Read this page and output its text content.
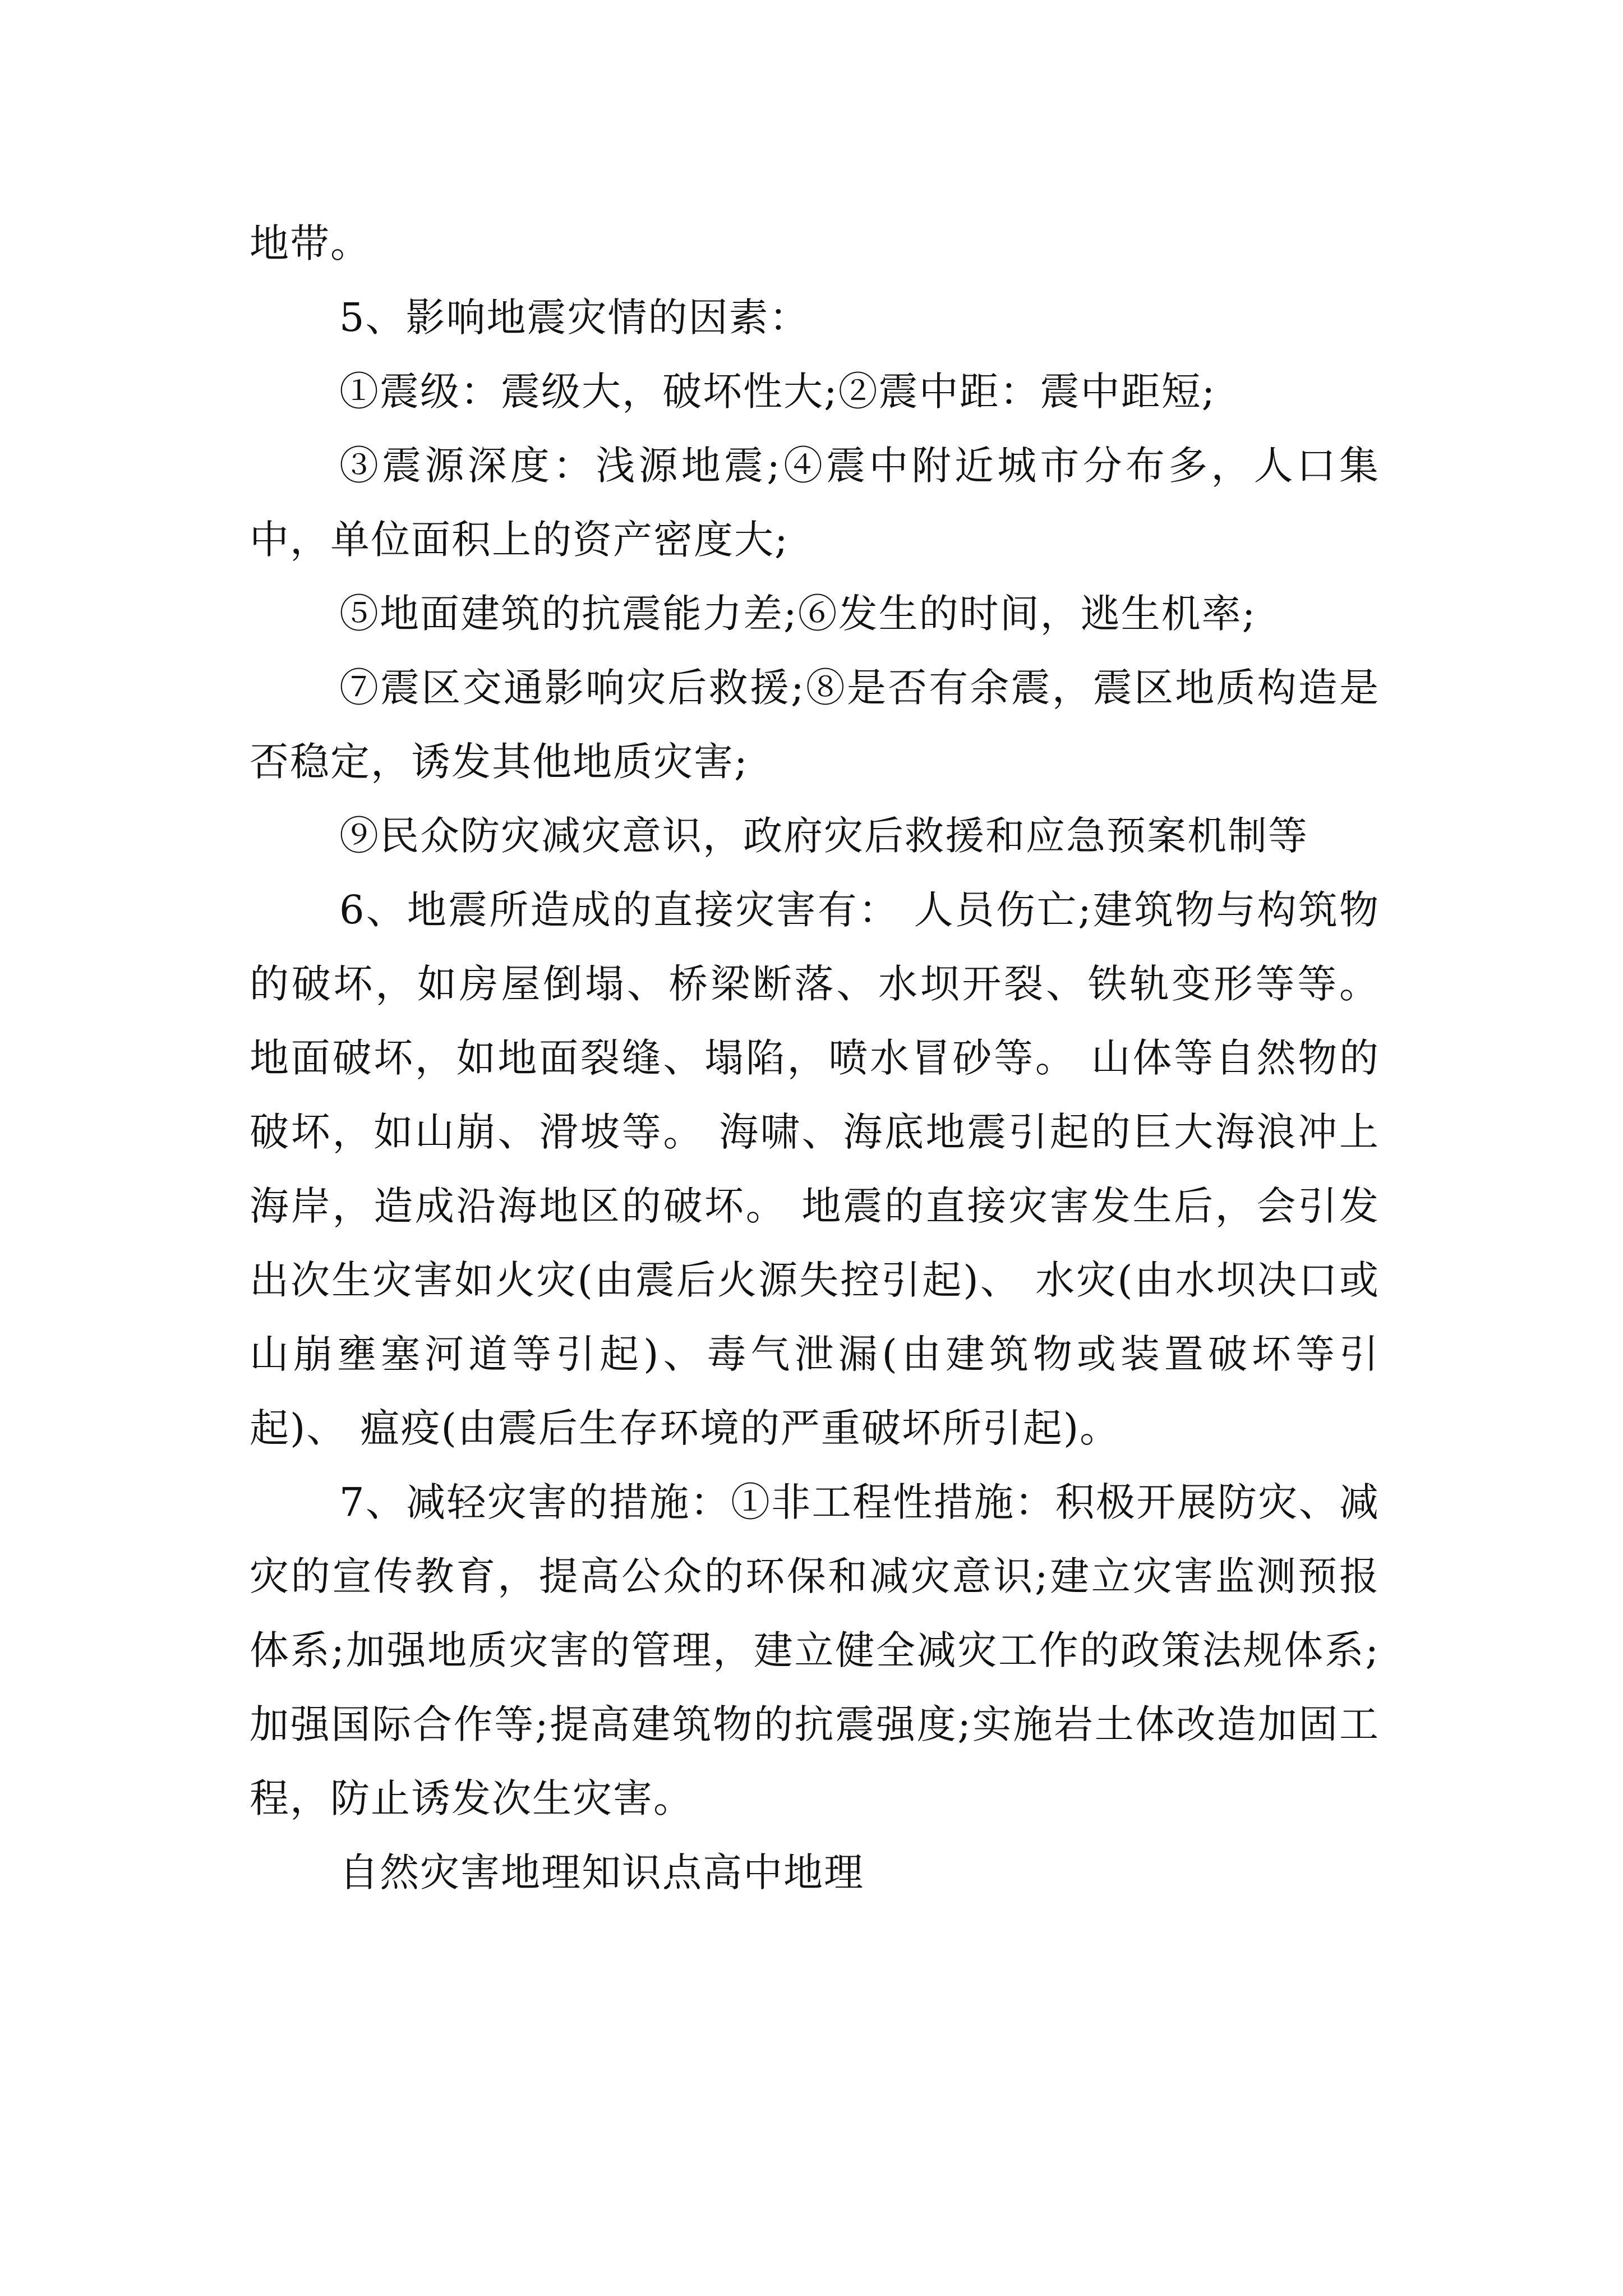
地带。

5、影响地震灾情的因素：

①震级：震级大，破坏性大;②震中距：震中距短;

③震源深度：浅源地震;④震中附近城市分布多，人口集中，单位面积上的资产密度大;

⑤地面建筑的抗震能力差;⑥发生的时间，逃生机率;

⑦震区交通影响灾后救援;⑧是否有余震，震区地质构造是否稳定，诱发其他地质灾害;

⑨民众防灾减灾意识，政府灾后救援和应急预案机制等

6、地震所造成的直接灾害有： 人员伤亡;建筑物与构筑物的破坏，如房屋倒塌、桥梁断落、水坝开裂、铁轨变形等等。 地面破坏，如地面裂缝、塌陷，喷水冒砂等。 山体等自然物的破坏，如山崩、滑坡等。 海啸、海底地震引起的巨大海浪冲上海岸，造成沿海地区的破坏。 地震的直接灾害发生后，会引发出次生灾害如火灾(由震后火源失控引起)、 水灾(由水坝决口或山崩壅塞河道等引起)、毒气泄漏(由建筑物或装置破坏等引起)、 瘟疫(由震后生存环境的严重破坏所引起)。

7、减轻灾害的措施：①非工程性措施：积极开展防灾、减灾的宣传教育，提高公众的环保和减灾意识;建立灾害监测预报体系;加强地质灾害的管理，建立健全减灾工作的政策法规体系;加强国际合作等;提高建筑物的抗震强度;实施岩土体改造加固工程，防止诱发次生灾害。

自然灾害地理知识点高中地理
